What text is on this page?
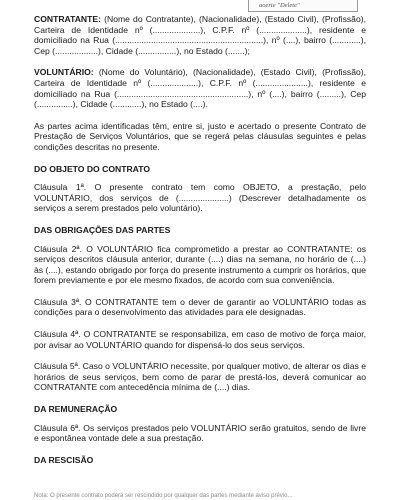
aoerte "Delete"

CONTRATANTE: (Nome do Contratante), (Nacionalidade), (Estado Civil), (Profissão), Carteira de Identidade nº (....................), C.P.F. nº (....................), residente e domiciliado na Rua (..............................................................), nº (....), bairro (............), Cep (..................), Cidade (................), no Estado (.......);

VOLUNTÁRIO: (Nome do Voluntário), (Nacionalidade), (Estado Civil), (Profissão), Carteira de Identidade nº (....................), C.P.F. nº (......................), residente e domiciliado na Rua (.......................................................), nº (....), bairro (.........), Cep (...............), Cidade (............), no Estado (....).

As partes acima identificadas têm, entre si, justo e acertado o presente Contrato de Prestação de Serviços Voluntários, que se regerá pelas cláusulas seguintes e pelas condições descritas no presente.

DO OBJETO DO CONTRATO

Cláusula 1ª. O presente contrato tem como OBJETO, a prestação, pelo VOLUNTÁRIO, dos serviços de (.....................) (Descrever detalhadamente os serviços a serem prestados pelo voluntário).

DAS OBRIGAÇÕES DAS PARTES

Cláusula 2ª. O VOLUNTÁRIO fica comprometido a prestar ao CONTRATANTE: os serviços descritos cláusula anterior, durante (....) dias na semana, no horário de (....) às (....), estando obrigado por força do presente instrumento a cumprir os horários, que forem previamente e por ele mesmo fixados, de acordo com sua conveniência.

Cláusula 3ª. O CONTRATANTE tem o dever de garantir ao VOLUNTÁRIO todas as condições para o desenvolvimento das atividades para ele designadas.

Cláusula 4ª. O CONTRATANTE se responsabiliza, em caso de motivo de força maior, por avisar ao VOLUNTÁRIO quando for dispensá-lo dos seus serviços.

Cláusula 5ª. Caso o VOLUNTÁRIO necessite, por qualquer motivo, de alterar os dias e horários de seus serviços, bem como de parar de prestá-los, deverá comunicar ao CONTRATANTE com antecedência mínima de (....) dias.

DA REMUNERAÇÃO

Cláusula 6ª. Os serviços prestados pelo VOLUNTÁRIO serão gratuitos, sendo de livre e espontânea vontade dele a sua prestação.

DA RESCISÃO

Nota: O presente contrato poderá ser rescindido por qualquer das partes mediante aviso prévio...
